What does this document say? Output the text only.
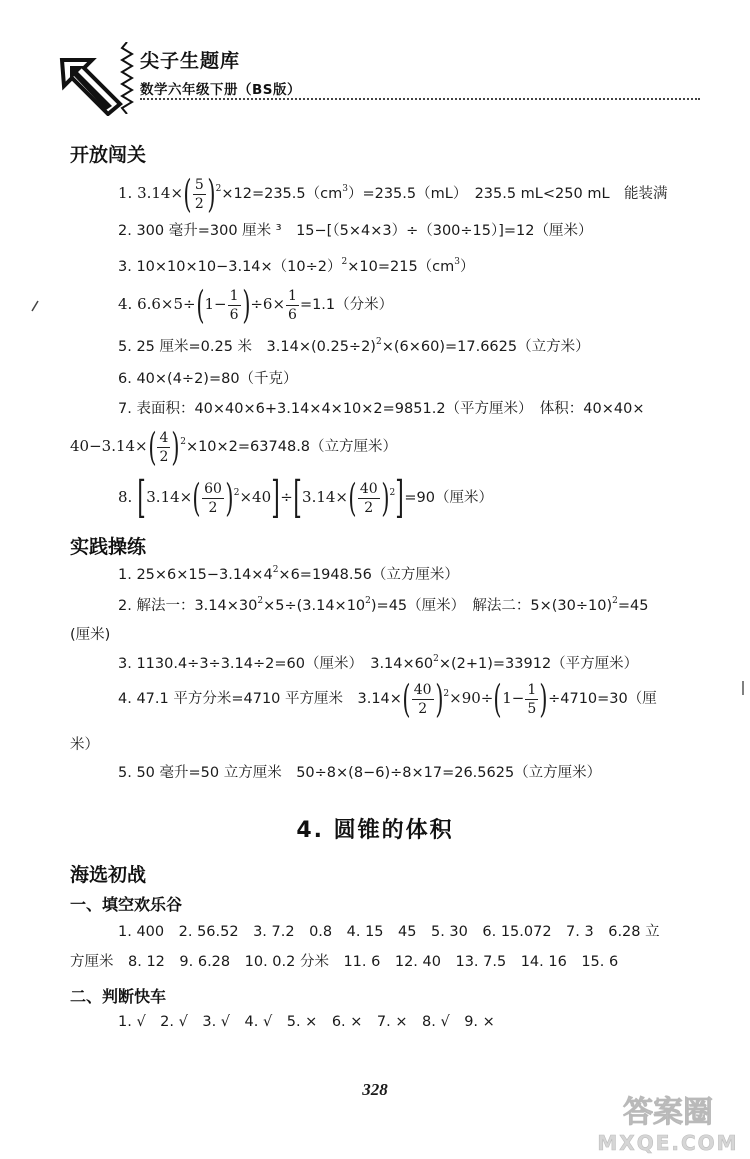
尖子生题库
数学六年级下册（BS版）
开放闯关
1. $3.14\times( \frac{5}{2} )^2\times 12=235.5(cm^3)=235.5(mL)$　235.5 mL<250 mL　能装满
2. 300 毫升=300 厘米 ³　15−[（5×4×3）÷（300÷15）]=12（厘米）
3. $10\times 10\times 10-3.14\times(10\div 2)^2\times 10=215(cm^3)$
4. $6.6\times 5\div(1- \frac{1}{6} )\div 6\times \frac{1}{6} =1.1$（分米）
5. 25 厘米=0.25 米　$3.14\times(0.25\div 2)^2\times(6\times 60)=17.6625$（立方米）
6. 40×(4÷2)=80（千克）
7. 表面积：40×40×6+3.14×4×10×2=9851.2（平方厘米）　体积：40×40×
$40-3.14\times( \frac{4}{2} )^2\times 10\times 2=63748.8$（立方厘米）
8. $[3.14\times( \frac{60}{2} )^2\times 40]\div[3.14\times( \frac{40}{2} )^2]=90$（厘米）
实践操练
1. $25\times 6\times 15-3.14\times 4^2\times 6=1948.56$（立方厘米）
2. 解法一：$3.14\times 30^2\times 5\div(3.14\times 10^2)=45$（厘米）　解法二：$5\times(30\div 10)^2=45$
(厘米)
3. 1130.4÷3÷3.14÷2=60（厘米）　$3.14\times 60^2\times(2+1)=33912$（平方厘米）
4. 47.1 平方分米=4710 平方厘米　$3.14\times( \frac{40}{2} )^2\times 90\div(1- \frac{1}{5} )\div 4710=30$（厘
米）
5. 50 毫升=50 立方厘米　50÷8×(8−6)÷8×17=26.5625（立方厘米）
4. 圆锥的体积
海选初战
一、填空欢乐谷
1. 400　2. 56.52　3. 7.2　0.8　4. 15　45　5. 30　6. 15.072　7. 3　6.28 立
方厘米　8. 12　9. 6.28　10. 0.2 分米　11. 6　12. 40　13. 7.5　14. 16　15. 6
二、判断快车
1. √　2. √　3. √　4. √　5. ×　6. ×　7. ×　8. √　9. ×
328
答案圈
MXQE.COM
